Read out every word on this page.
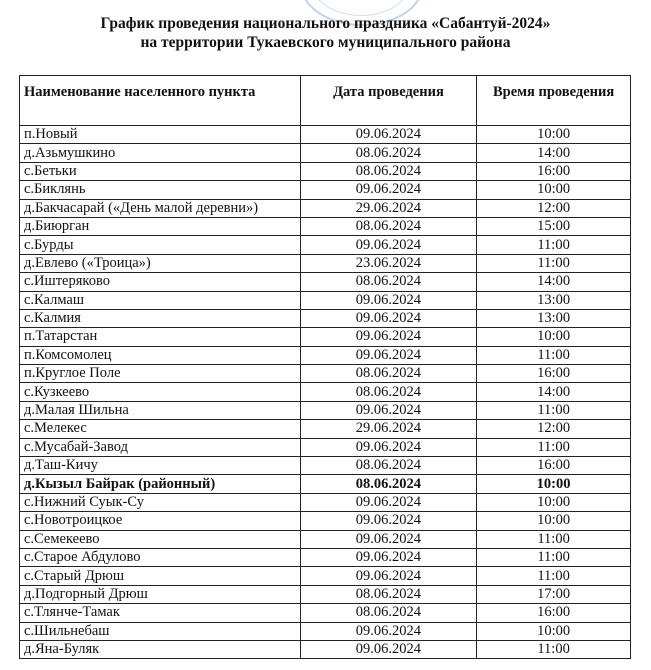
График проведения национального праздника «Сабантуй-2024»
на территории Тукаевского муниципального района
Наименование населенного пункта	Дата проведения	Время проведения
п.Новый	09.06.2024	10:00
д.Азьмушкино	08.06.2024	14:00
с.Бетьки	08.06.2024	16:00
с.Биклянь	09.06.2024	10:00
д.Бакчасарай («День малой деревни»)	29.06.2024	12:00
д.Биюрган	08.06.2024	15:00
с.Бурды	09.06.2024	11:00
д.Евлево («Троица»)	23.06.2024	11:00
с.Иштеряково	08.06.2024	14:00
с.Калмаш	09.06.2024	13:00
с.Калмия	09.06.2024	13:00
п.Татарстан	09.06.2024	10:00
п.Комсомолец	09.06.2024	11:00
п.Круглое Поле	08.06.2024	16:00
с.Кузкеево	08.06.2024	14:00
д.Малая Шильна	09.06.2024	11:00
с.Мелекес	29.06.2024	12:00
с.Мусабай-Завод	09.06.2024	11:00
д.Таш-Кичу	08.06.2024	16:00
д.Кызыл Байрак (районный)	08.06.2024	10:00
с.Нижний Суык-Су	09.06.2024	10:00
с.Новотроицкое	09.06.2024	10:00
с.Семекеево	09.06.2024	11:00
с.Старое Абдулово	09.06.2024	11:00
с.Старый Дрюш	09.06.2024	11:00
д.Подгорный Дрюш	08.06.2024	17:00
с.Тлянче-Тамак	08.06.2024	16:00
с.Шильнебаш	09.06.2024	10:00
д.Яна-Буляк	09.06.2024	11:00
